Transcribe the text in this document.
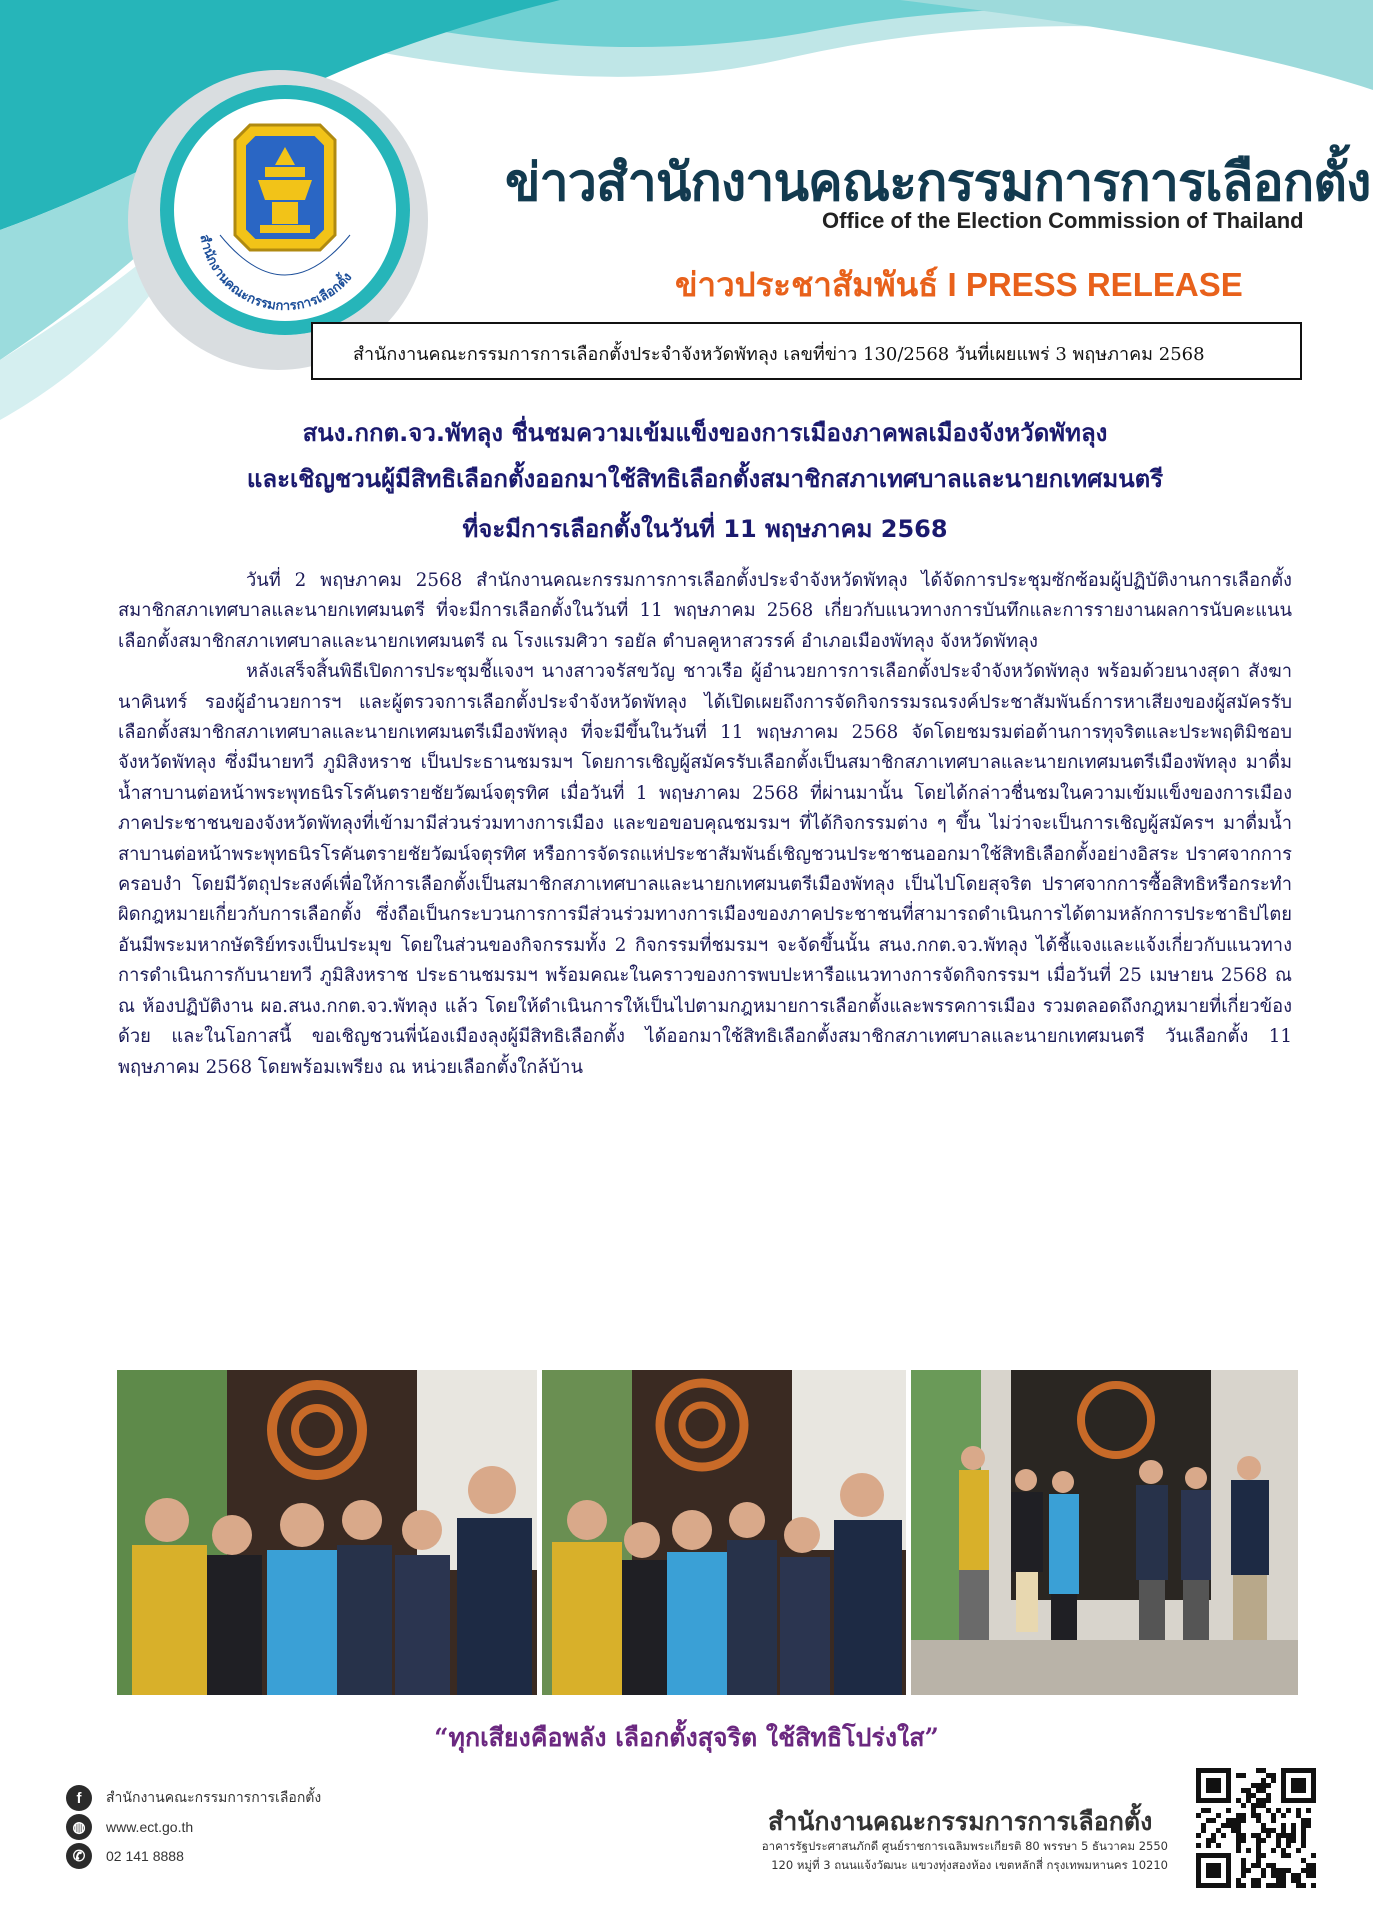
สำนักงานคณะกรรมการการเลือกตั้ง
ข่าวสำนักงานคณะกรรมการการเลือกตั้ง
Office of the Election Commission of Thailand
ข่าวประชาสัมพันธ์ I PRESS RELEASE
สำนักงานคณะกรรมการการเลือกตั้งประจำจังหวัดพัทลุง เลขที่ข่าว 130/2568 วันที่เผยแพร่ 3 พฤษภาคม 2568
สนง.กกต.จว.พัทลุง ชื่นชมความเข้มแข็งของการเมืองภาคพลเมืองจังหวัดพัทลุง
และเชิญชวนผู้มีสิทธิเลือกตั้งออกมาใช้สิทธิเลือกตั้งสมาชิกสภาเทศบาลและนายกเทศมนตรี
ที่จะมีการเลือกตั้งในวันที่ 11 พฤษภาคม 2568

วันที่ 2 พฤษภาคม 2568 สำนักงานคณะกรรมการการเลือกตั้งประจำจังหวัดพัทลุง ได้จัดการประชุมซักซ้อมผู้ปฏิบัติงานการเลือกตั้งสมาชิกสภาเทศบาลและนายกเทศมนตรี ที่จะมีการเลือกตั้งในวันที่ 11 พฤษภาคม 2568 เกี่ยวกับแนวทางการบันทึกและการรายงานผลการนับคะแนนเลือกตั้งสมาชิกสภาเทศบาลและนายกเทศมนตรี ณ โรงแรมศิวา รอยัล ตำบลคูหาสวรรค์ อำเภอเมืองพัทลุง จังหวัดพัทลุง

หลังเสร็จสิ้นพิธีเปิดการประชุมชี้แจงฯ นางสาวจรัสขวัญ ชาวเรือ ผู้อำนวยการการเลือกตั้งประจำจังหวัดพัทลุง พร้อมด้วยนางสุดา สังฆานาคินทร์ รองผู้อำนวยการฯ และผู้ตรวจการเลือกตั้งประจำจังหวัดพัทลุง ได้เปิดเผยถึงการจัดกิจกรรมรณรงค์ประชาสัมพันธ์การหาเสียงของผู้สมัครรับเลือกตั้งสมาชิกสภาเทศบาลและนายกเทศมนตรีเมืองพัทลุง ที่จะมีขึ้นในวันที่ 11 พฤษภาคม 2568 จัดโดยชมรมต่อต้านการทุจริตและประพฤติมิชอบจังหวัดพัทลุง ซึ่งมีนายทวี ภูมิสิงหราช เป็นประธานชมรมฯ โดยการเชิญผู้สมัครรับเลือกตั้งเป็นสมาชิกสภาเทศบาลและนายกเทศมนตรีเมืองพัทลุง มาดื่มน้ำสาบานต่อหน้าพระพุทธนิรโรคันตรายชัยวัฒน์จตุรทิศ เมื่อวันที่ 1 พฤษภาคม 2568 ที่ผ่านมานั้น โดยได้กล่าวชื่นชมในความเข้มแข็งของการเมืองภาคประชาชนของจังหวัดพัทลุงที่เข้ามามีส่วนร่วมทางการเมือง และขอขอบคุณชมรมฯ ที่ได้กิจกรรมต่าง ๆ ขึ้น ไม่ว่าจะเป็นการเชิญผู้สมัครฯ มาดื่มน้ำสาบานต่อหน้าพระพุทธนิรโรคันตรายชัยวัฒน์จตุรทิศ หรือการจัดรถแห่ประชาสัมพันธ์เชิญชวนประชาชนออกมาใช้สิทธิเลือกตั้งอย่างอิสระ ปราศจากการครอบงำ โดยมีวัตถุประสงค์เพื่อให้การเลือกตั้งเป็นสมาชิกสภาเทศบาลและนายกเทศมนตรีเมืองพัทลุง เป็นไปโดยสุจริต ปราศจากการซื้อสิทธิหรือกระทำผิดกฎหมายเกี่ยวกับการเลือกตั้ง ซึ่งถือเป็นกระบวนการการมีส่วนร่วมทางการเมืองของภาคประชาชนที่สามารถดำเนินการได้ตามหลักการประชาธิปไตยอันมีพระมหากษัตริย์ทรงเป็นประมุข โดยในส่วนของกิจกรรมทั้ง 2 กิจกรรมที่ชมรมฯ จะจัดขึ้นนั้น สนง.กกต.จว.พัทลุง ได้ชี้แจงและแจ้งเกี่ยวกับแนวทางการดำเนินการกับนายทวี ภูมิสิงหราช ประธานชมรมฯ พร้อมคณะในคราวของการพบปะหารือแนวทางการจัดกิจกรรมฯ เมื่อวันที่ 25 เมษายน 2568 ณ ณ ห้องปฏิบัติงาน ผอ.สนง.กกต.จว.พัทลุง แล้ว โดยให้ดำเนินการให้เป็นไปตามกฎหมายการเลือกตั้งและพรรคการเมือง รวมตลอดถึงกฎหมายที่เกี่ยวข้องด้วย และในโอกาสนี้ ขอเชิญชวนพี่น้องเมืองลุงผู้มีสิทธิเลือกตั้ง ได้ออกมาใช้สิทธิเลือกตั้งสมาชิกสภาเทศบาลและนายกเทศมนตรี วันเลือกตั้ง 11 พฤษภาคม 2568 โดยพร้อมเพรียง ณ หน่วยเลือกตั้งใกล้บ้าน

“ทุกเสียงคือพลัง เลือกตั้งสุจริต ใช้สิทธิโปร่งใส”
f	สำนักงานคณะกรรมการการเลือกตั้ง
◍	www.ect.go.th
✆	02 141 8888
สำนักงานคณะกรรมการการเลือกตั้ง
อาคารรัฐประศาสนภักดี ศูนย์ราชการเฉลิมพระเกียรติ 80 พรรษา 5 ธันวาคม 2550
120 หมู่ที่ 3 ถนนแจ้งวัฒนะ แขวงทุ่งสองห้อง เขตหลักสี่ กรุงเทพมหานคร 10210
